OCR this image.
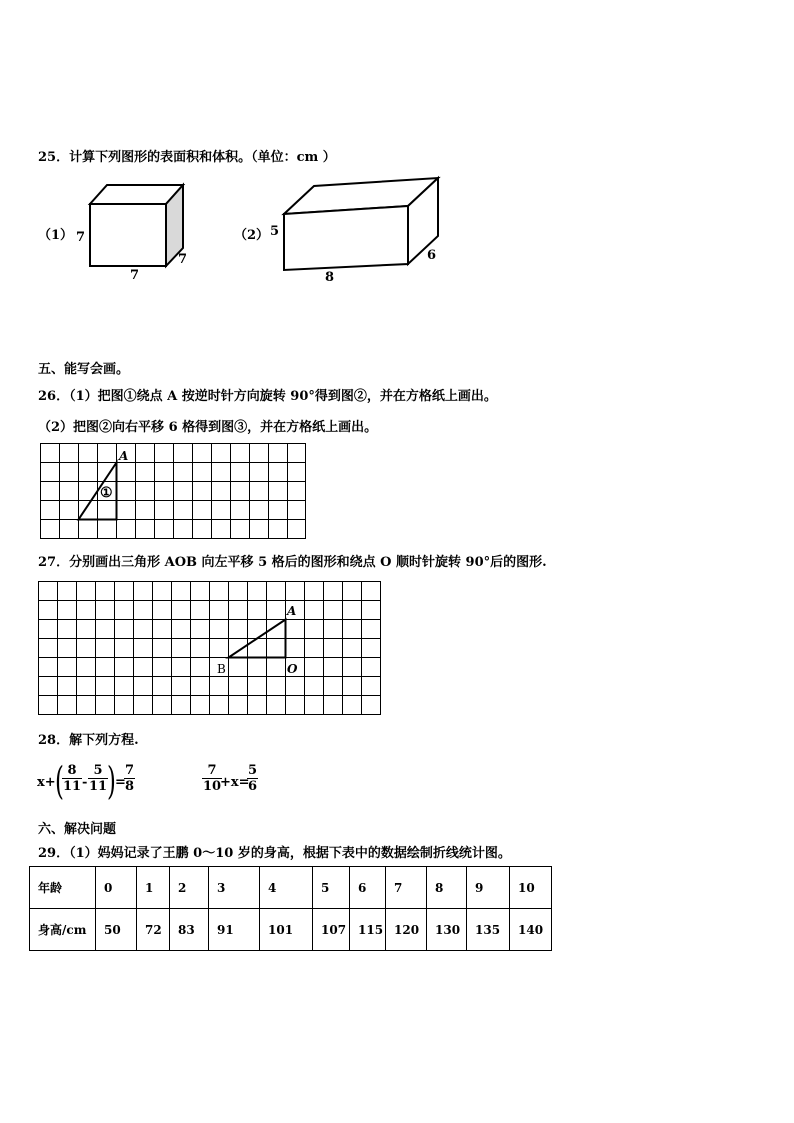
25．计算下列图形的表面积和体积。（单位：cm ）
（1） 7
7
7
（2） 5
8
6
五、能写会画。
26．（1）把图①绕点 A 按逆时针方向旋转 90°得到图②，并在方格纸上画出。
（2）把图②向右平移 6 格得到图③，并在方格纸上画出。
A
①
27．分别画出三角形 AOB 向左平移 5 格后的图形和绕点 O 顺时针旋转 90°后的图形.
A
B	O
28．解下列方程.
x+ (
$\frac{8}{11} - \frac{5}{11}$
) =
$\frac{7}{8}$	$\frac{7}{10}$
+x=
$\frac{5}{6}$
六、解决问题
29．（1）妈妈记录了王鹏 0～10 岁的身高，根据下表中的数据绘制折线统计图。
年龄	0	1	2	3	4	5	6	7	8	9	10
身高/cm	50	72	83	91	101	107	115	120	130	135	140
